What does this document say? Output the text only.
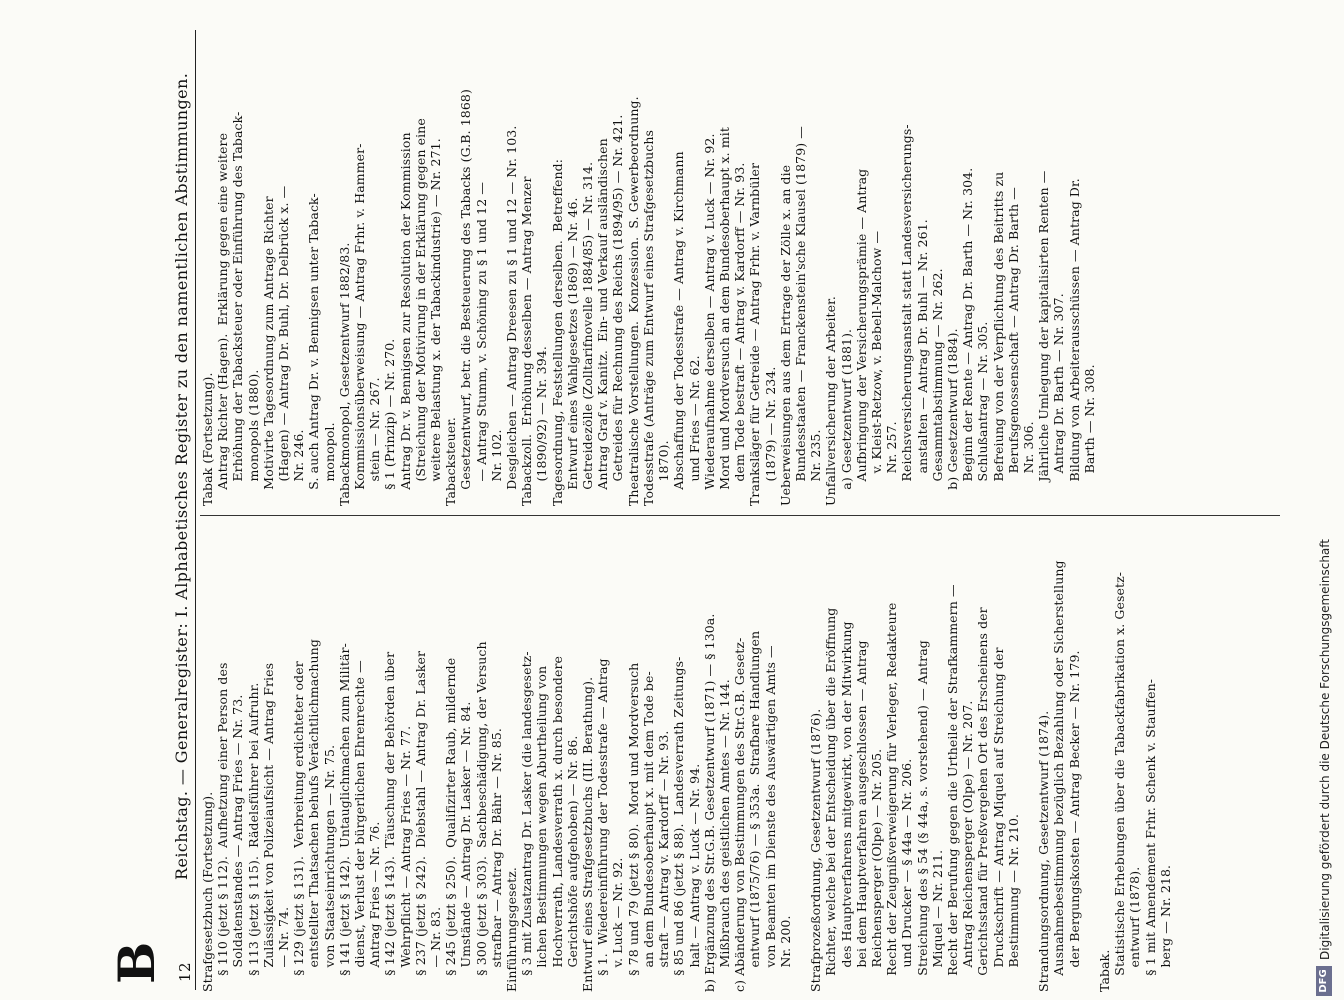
B 12
Reichstag. — Generalregister: I. Alphabetisches Register zu den namentlichen Abstimmungen.
Strafgesetzbuch (Fortsetzung).
§ 110 (jetzt § 112).  Aufhetzung einer Person des
Soldatenstandes — Antrag Fries — Nr. 73.
§ 113 (jetzt § 115).  Rädelsführer bei Aufruhr.
Zulässigkeit von Polizeiaufsicht — Antrag Fries
— Nr. 74.
§ 129 (jetzt § 131).  Verbreitung erdichteter oder
entstellter Thatsachen behufs Verächtlichmachung
von Staatseinrichtungen — Nr. 75.
§ 141 (jetzt § 142).  Untauglichmachen zum Militär-
dienst, Verlust der bürgerlichen Ehrenrechte —
Antrag Fries — Nr. 76.
§ 142 (jetzt § 143).  Täuschung der Behörden über
Wehrpflicht — Antrag Fries — Nr. 77.
§ 237 (jetzt § 242).  Diebstahl — Antrag Dr. Lasker
— Nr. 83.
§ 245 (jetzt § 250).  Qualifizirter Raub, mildernde
Umstände — Antrag Dr. Lasker — Nr. 84.
§ 300 (jetzt § 303).  Sachbeschädigung, der Versuch
strafbar — Antrag Dr. Bähr — Nr. 85.
Einführungsgesetz.
§ 3 mit Zusatzantrag Dr. Lasker (die landesgesetz-
lichen Bestimmungen wegen Aburtheilung von
Hochverrath, Landesverrath x. durch besondere
Gerichtshöfe aufgehoben) — Nr. 86.
Entwurf eines Strafgesetzbuchs (III. Berathung).
§ 1.  Wiedereinführung der Todesstrafe — Antrag
v. Luck — Nr. 92.
§ 78 und 79 (jetzt § 80).  Mord und Mordversuch
an dem Bundesoberhaupt x. mit dem Tode be-
straft — Antrag v. Kardorff — Nr. 93.
§ 85 und 86 (jetzt § 88).  Landesverrath Zeitungs-
halt — Antrag v. Luck — Nr. 94.
b) Ergänzung des Str.G.B. Gesetzentwurf (1871) — § 130a.
Mißbrauch des geistlichen Amtes — Nr. 144.
c) Abänderung von Bestimmungen des Str.G.B. Gesetz-
entwurf (1875/76) — § 353a.  Strafbare Handlungen
von Beamten im Dienste des Auswärtigen Amts —
Nr. 200.

Strafprozeßordnung, Gesetzentwurf (1876).
Richter, welche bei der Entscheidung über die Eröffnung
des Hauptverfahrens mitgewirkt, von der Mitwirkung
bei dem Hauptverfahren ausgeschlossen — Antrag
Reichensperger (Olpe) — Nr. 205.
Recht der Zeugnißverweigerung für Verleger, Redakteure
und Drucker — § 44a — Nr. 206.
Streichung des § 54 (§ 44a, s. vorstehend) — Antrag
Miquel — Nr. 211.
Recht der Berufung gegen die Urtheile der Strafkammern —
Antrag Reichensperger (Olpe) — Nr. 207.
Gerichtsstand für Preßvergehen Ort des Erscheinens der
Druckschrift — Antrag Miquel auf Streichung der
Bestimmung — Nr. 210.

Strandungsordnung, Gesetzentwurf (1874).
Ausnahmebestimmung bezüglich Bezahlung oder Sicherstellung
der Bergungskosten — Antrag Becker — Nr. 179.

Tabak.
Statistische Erhebungen über die Tabackfabrikation x. Gesetz-
entwurf (1878).
§ 1 mit Amendement Frhr. Schenk v. Stauffen-
berg — Nr. 218.
Tabak (Fortsetzung).
Antrag Richter (Hagen).  Erklärung gegen eine weitere
Erhöhung der Tabacksteuer oder Einführung des Taback-
monopols (1880).
Motivirte Tagesordnung zum Antrage Richter
(Hagen) — Antrag Dr. Buhl, Dr. Delbrück x. —
Nr. 246.
S. auch Antrag Dr. v. Bennigsen unter Taback-
monopol.
Tabackmonopol, Gesetzentwurf 1882/83.
Kommissionsüberweisung — Antrag Frhr. v. Hammer-
stein — Nr. 267.
§ 1 (Prinzip) — Nr. 270.
Antrag Dr. v. Bennigsen zur Resolution der Kommission
(Streichung der Motivirung in der Erklärung gegen eine
weitere Belastung x. der Tabackindustrie) — Nr. 271.
Tabacksteuer.
Gesetzentwurf, betr. die Besteuerung des Tabacks (G.B. 1868)
— Antrag Stumm, v. Schöning zu § 1 und 12 —
Nr. 102.
Desgleichen — Antrag Dreesen zu § 1 und 12 — Nr. 103.
Tabackzoll.  Erhöhung desselben — Antrag Menzer
(1890/92) — Nr. 394.
Tagesordnung, Feststellungen derselben.  Betreffend:
Entwurf eines Wahlgesetzes (1869) — Nr. 46.
Getreidezölle (Zolltarifnovelle 1884/85) — Nr. 314.
Antrag Graf v. Kanitz.  Ein- und Verkauf ausländischen
Getreides für Rechnung des Reichs (1894/95) — Nr. 421.
Theatralische Vorstellungen.  Konzession.  S. Gewerbeordnung.
Todesstrafe (Anträge zum Entwurf eines Strafgesetzbuchs
1870).
Abschaffung der Todesstrafe — Antrag v. Kirchmann
und Fries — Nr. 62.
Wiederaufnahme derselben — Antrag v. Luck — Nr. 92.
Mord und Mordversuch an dem Bundesoberhaupt x. mit
dem Tode bestraft — Antrag v. Kardorff — Nr. 93.
Tranksläger für Getreide — Antrag Frhr. v. Varnbüler
(1879) — Nr. 234.
Ueberweisungen aus dem Ertrage der Zölle x. an die
Bundesstaaten — Franckenstein'sche Klausel (1879) —
Nr. 235.
Unfallversicherung der Arbeiter.
a) Gesetzentwurf (1881).
Aufbringung der Versicherungsprämie — Antrag
v. Kleist-Retzow, v. Bebell-Malchow —
Nr. 257.
Reichsversicherungsanstalt statt Landesversicherungs-
anstalten — Antrag Dr. Buhl — Nr. 261.
Gesammtabstimmung — Nr. 262.
b) Gesetzentwurf (1884).
Beginn der Rente — Antrag Dr. Barth — Nr. 304.
Schlußantrag — Nr. 305.
Befreiung von der Verpflichtung des Beitritts zu
Berufsgenossenschaft — Antrag Dr. Barth —
Nr. 306.
Jährliche Umlegung der kapitalisirten Renten —
Antrag Dr. Barth — Nr. 307.
Bildung von Arbeiterausschüssen — Antrag Dr.
Barth — Nr. 308.
DFG
Digitalisierung gefördert durch die Deutsche Forschungsgemeinschaft
